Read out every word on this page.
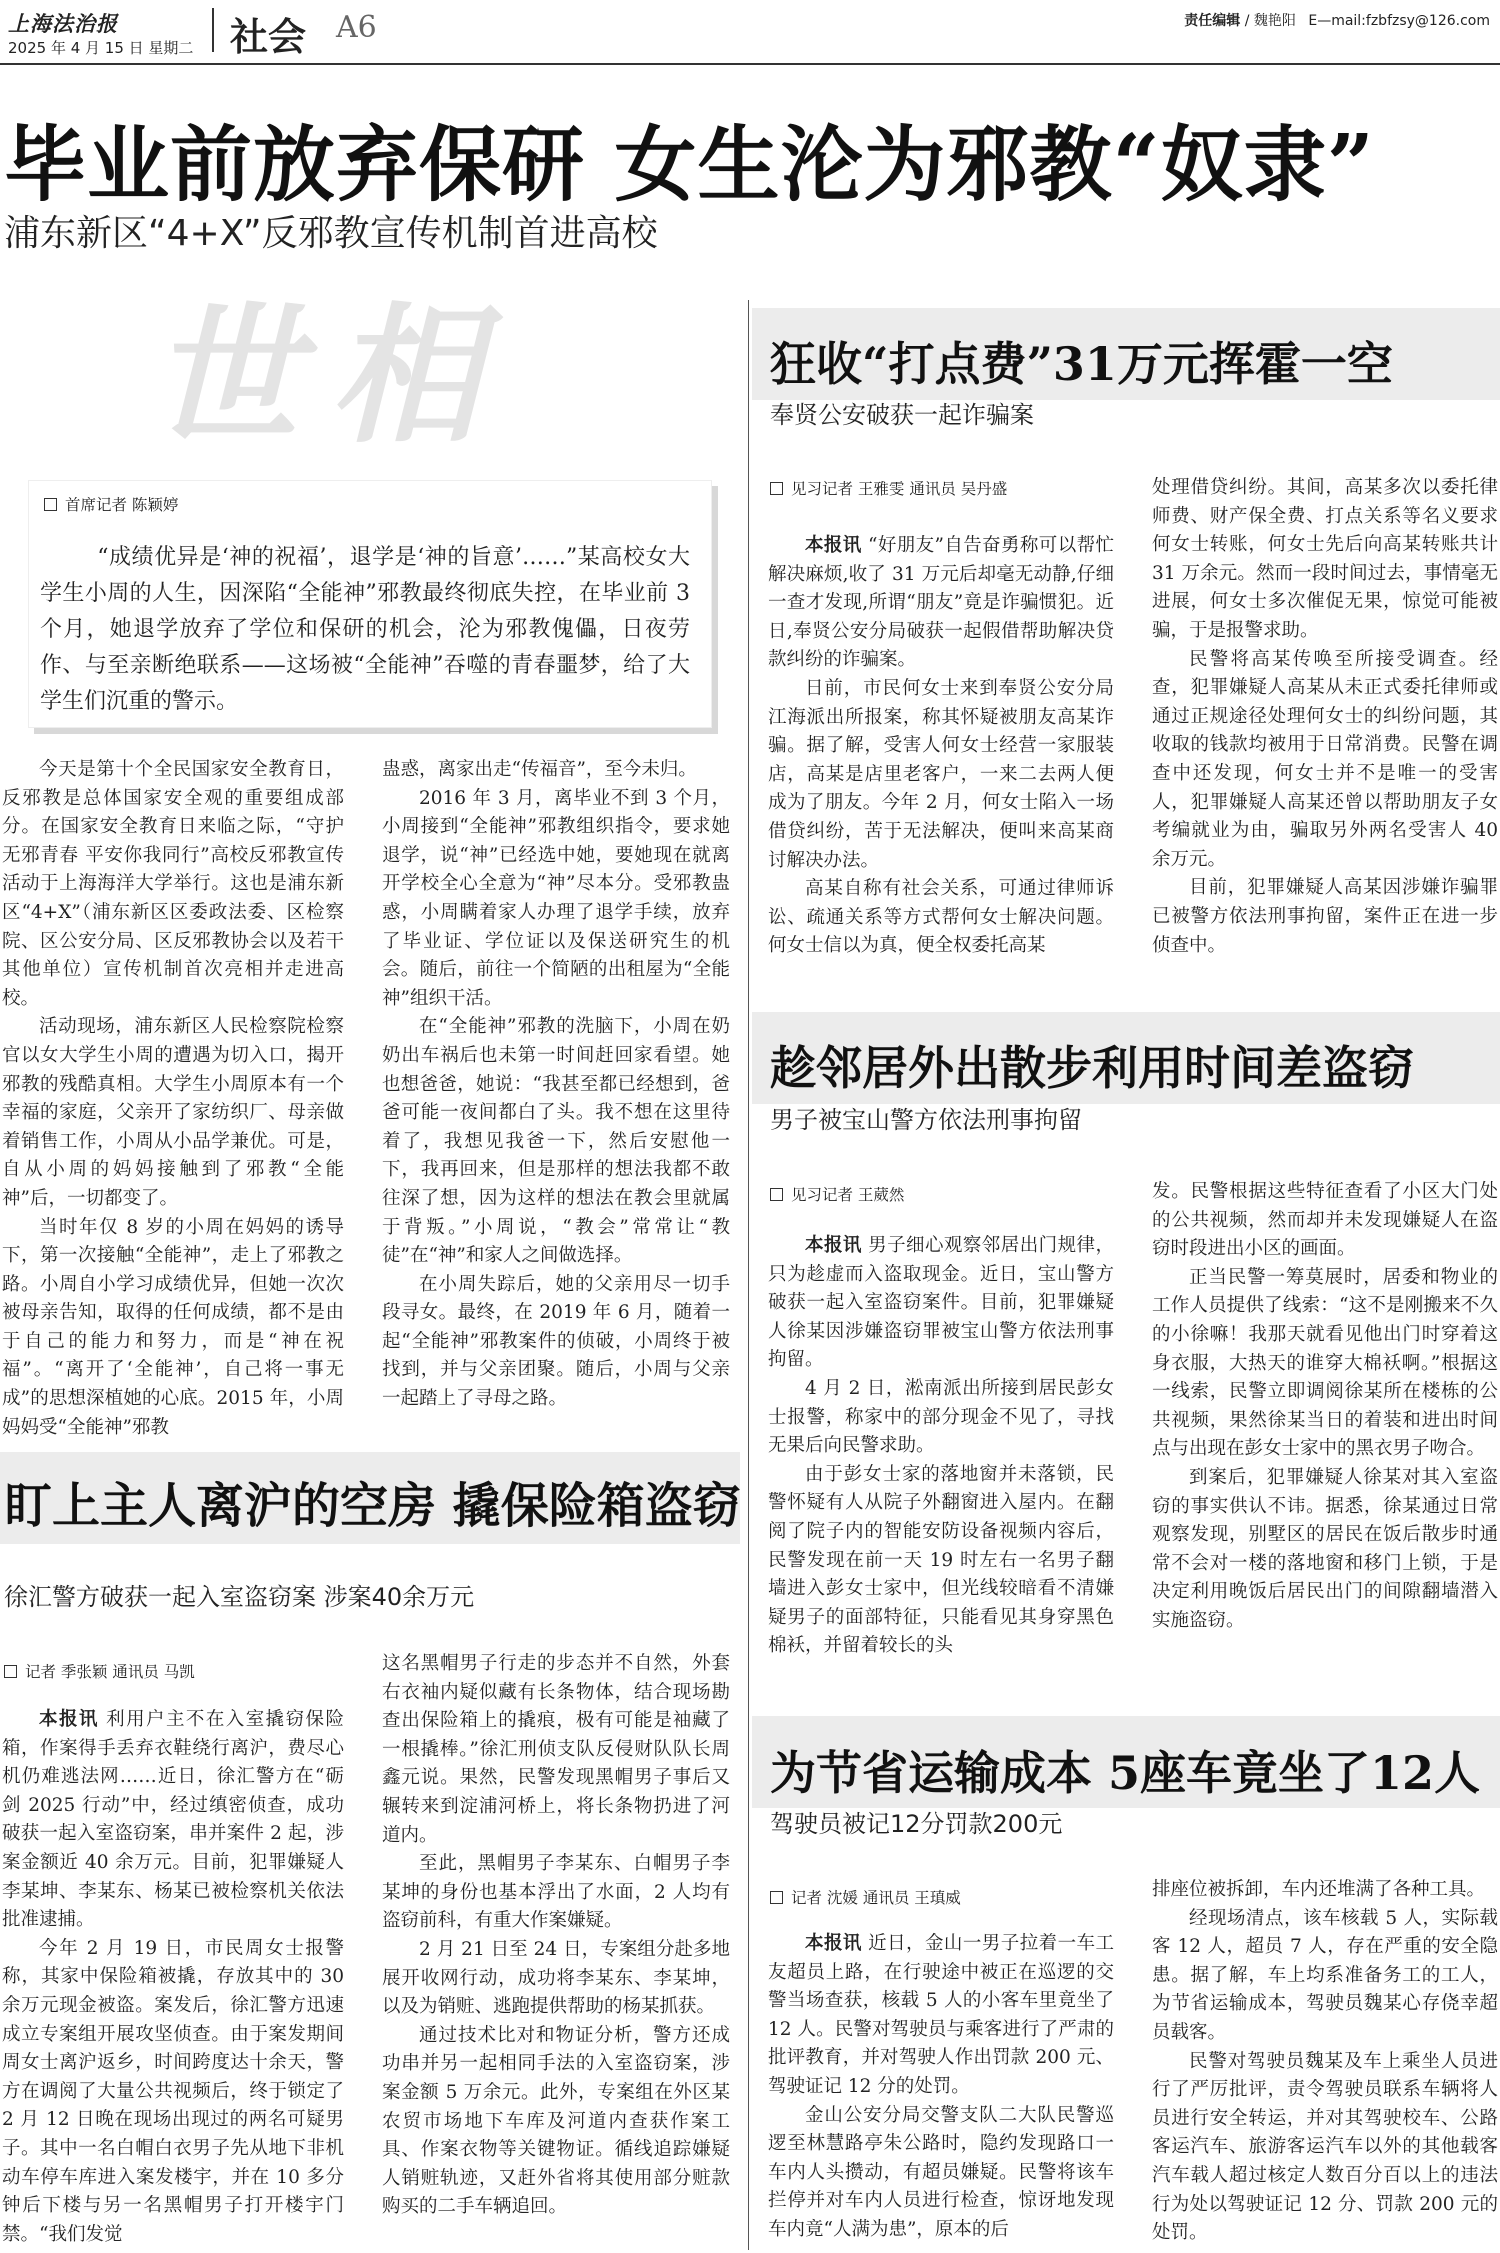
上海法治报
2025 年 4 月 15 日 星期二 社会 A6	责任编辑 / 魏艳阳 E—mail:fzbfzsy@126.com
毕业前放弃保研 女生沦为邪教“奴隶”
浦东新区“4+X”反邪教宣传机制首进高校
世相
首席记者 陈颖婷
“成绩优异是‘神的祝福’，退学是‘神的旨意’……”某高校女大学生小周的人生，因深陷“全能神”邪教最终彻底失控，在毕业前 3 个月，她退学放弃了学位和保研的机会，沦为邪教傀儡，日夜劳作、与至亲断绝联系——这场被“全能神”吞噬的青春噩梦，给了大学生们沉重的警示。

今天是第十个全民国家安全教育日，反邪教是总体国家安全观的重要组成部分。在国家安全教育日来临之际，“守护无邪青春 平安你我同行”高校反邪教宣传活动于上海海洋大学举行。这也是浦东新区“4+X”（浦东新区区委政法委、区检察院、区公安分局、区反邪教协会以及若干其他单位）宣传机制首次亮相并走进高校。

活动现场，浦东新区人民检察院检察官以女大学生小周的遭遇为切入口，揭开邪教的残酷真相。大学生小周原本有一个幸福的家庭，父亲开了家纺织厂、母亲做着销售工作，小周从小品学兼优。可是，自从小周的妈妈接触到了邪教“全能神”后，一切都变了。

当时年仅 8 岁的小周在妈妈的诱导下，第一次接触“全能神”，走上了邪教之路。小周自小学习成绩优异，但她一次次被母亲告知，取得的任何成绩，都不是由于自己的能力和努力，而是“神在祝福”。“离开了‘全能神’，自己将一事无成”的思想深植她的心底。2015 年，小周妈妈受“全能神”邪教

蛊惑，离家出走“传福音”，至今未归。

2016 年 3 月，离毕业不到 3 个月，小周接到“全能神”邪教组织指令，要求她退学，说“神”已经选中她，要她现在就离开学校全心全意为“神”尽本分。受邪教蛊惑，小周瞒着家人办理了退学手续，放弃了毕业证、学位证以及保送研究生的机会。随后，前往一个简陋的出租屋为“全能神”组织干活。

在“全能神”邪教的洗脑下，小周在奶奶出车祸后也未第一时间赶回家看望。她也想爸爸，她说：“我甚至都已经想到，爸爸可能一夜间都白了头。我不想在这里待着了，我想见我爸一下，然后安慰他一下，我再回来，但是那样的想法我都不敢往深了想，因为这样的想法在教会里就属于背叛。”小周说，“教会”常常让“教徒”在“神”和家人之间做选择。

在小周失踪后，她的父亲用尽一切手段寻女。最终，在 2019 年 6 月，随着一起“全能神”邪教案件的侦破，小周终于被找到，并与父亲团聚。随后，小周与父亲一起踏上了寻母之路。

盯上主人离沪的空房 撬保险箱盗窃
徐汇警方破获一起入室盗窃案 涉案40余万元
记者 季张颖 通讯员 马凯

本报讯 利用户主不在入室撬窃保险箱，作案得手丢弃衣鞋绕行离沪，费尽心机仍难逃法网……近日，徐汇警方在“砺剑 2025 行动”中，经过缜密侦查，成功破获一起入室盗窃案，串并案件 2 起，涉案金额近 40 余万元。目前，犯罪嫌疑人李某坤、李某东、杨某已被检察机关依法批准逮捕。

今年 2 月 19 日，市民周女士报警称，其家中保险箱被撬，存放其中的 30 余万元现金被盗。案发后，徐汇警方迅速成立专案组开展攻坚侦查。由于案发期间周女士离沪返乡，时间跨度达十余天，警方在调阅了大量公共视频后，终于锁定了 2 月 12 日晚在现场出现过的两名可疑男子。其中一名白帽白衣男子先从地下非机动车停车库进入案发楼宇，并在 10 多分钟后下楼与另一名黑帽男子打开楼宇门禁。“我们发觉

这名黑帽男子行走的步态并不自然，外套右衣袖内疑似藏有长条物体，结合现场勘查出保险箱上的撬痕，极有可能是袖藏了一根撬棒。”徐汇刑侦支队反侵财队队长周鑫元说。果然，民警发现黑帽男子事后又辗转来到淀浦河桥上，将长条物扔进了河道内。

至此，黑帽男子李某东、白帽男子李某坤的身份也基本浮出了水面，2 人均有盗窃前科，有重大作案嫌疑。

2 月 21 日至 24 日，专案组分赴多地展开收网行动，成功将李某东、李某坤，以及为销赃、逃跑提供帮助的杨某抓获。

通过技术比对和物证分析，警方还成功串并另一起相同手法的入室盗窃案，涉案金额 5 万余元。此外，专案组在外区某农贸市场地下车库及河道内查获作案工具、作案衣物等关键物证。循线追踪嫌疑人销赃轨迹，又赶外省将其使用部分赃款购买的二手车辆追回。

狂收“打点费”31万元挥霍一空
奉贤公安破获一起诈骗案
见习记者 王雅雯 通讯员 吴丹盛

本报讯 “好朋友”自告奋勇称可以帮忙解决麻烦,收了 31 万元后却毫无动静,仔细一查才发现,所谓“朋友”竟是诈骗惯犯。近日,奉贤公安分局破获一起假借帮助解决贷款纠纷的诈骗案。

日前，市民何女士来到奉贤公安分局江海派出所报案，称其怀疑被朋友高某诈骗。据了解，受害人何女士经营一家服装店，高某是店里老客户，一来二去两人便成为了朋友。今年 2 月，何女士陷入一场借贷纠纷，苦于无法解决，便叫来高某商讨解决办法。

高某自称有社会关系，可通过律师诉讼、疏通关系等方式帮何女士解决问题。何女士信以为真，便全权委托高某

处理借贷纠纷。其间，高某多次以委托律师费、财产保全费、打点关系等名义要求何女士转账，何女士先后向高某转账共计 31 万余元。然而一段时间过去，事情毫无进展，何女士多次催促无果，惊觉可能被骗，于是报警求助。

民警将高某传唤至所接受调查。经查，犯罪嫌疑人高某从未正式委托律师或通过正规途径处理何女士的纠纷问题，其收取的钱款均被用于日常消费。民警在调查中还发现，何女士并不是唯一的受害人，犯罪嫌疑人高某还曾以帮助朋友子女考编就业为由，骗取另外两名受害人 40 余万元。

目前，犯罪嫌疑人高某因涉嫌诈骗罪已被警方依法刑事拘留，案件正在进一步侦查中。

趁邻居外出散步利用时间差盗窃
男子被宝山警方依法刑事拘留
见习记者 王葳然

本报讯 男子细心观察邻居出门规律，只为趁虚而入盗取现金。近日，宝山警方破获一起入室盗窃案件。目前，犯罪嫌疑人徐某因涉嫌盗窃罪被宝山警方依法刑事拘留。

4 月 2 日，淞南派出所接到居民彭女士报警，称家中的部分现金不见了，寻找无果后向民警求助。

由于彭女士家的落地窗并未落锁，民警怀疑有人从院子外翻窗进入屋内。在翻阅了院子内的智能安防设备视频内容后，民警发现在前一天 19 时左右一名男子翻墙进入彭女士家中，但光线较暗看不清嫌疑男子的面部特征，只能看见其身穿黑色棉袄，并留着较长的头

发。民警根据这些特征查看了小区大门处的公共视频，然而却并未发现嫌疑人在盗窃时段进出小区的画面。

正当民警一筹莫展时，居委和物业的工作人员提供了线索：“这不是刚搬来不久的小徐嘛！我那天就看见他出门时穿着这身衣服，大热天的谁穿大棉袄啊。”根据这一线索，民警立即调阅徐某所在楼栋的公共视频，果然徐某当日的着装和进出时间点与出现在彭女士家中的黑衣男子吻合。

到案后，犯罪嫌疑人徐某对其入室盗窃的事实供认不讳。据悉，徐某通过日常观察发现，别墅区的居民在饭后散步时通常不会对一楼的落地窗和移门上锁，于是决定利用晚饭后居民出门的间隙翻墙潜入实施盗窃。

为节省运输成本 5座车竟坐了12人
驾驶员被记12分罚款200元
记者 沈媛 通讯员 王瑱威

本报讯 近日，金山一男子拉着一车工友超员上路，在行驶途中被正在巡逻的交警当场查获，核载 5 人的小客车里竟坐了 12 人。民警对驾驶员与乘客进行了严肃的批评教育，并对驾驶人作出罚款 200 元、驾驶证记 12 分的处罚。

金山公安分局交警支队二大队民警巡逻至林慧路亭朱公路时，隐约发现路口一车内人头攒动，有超员嫌疑。民警将该车拦停并对车内人员进行检查，惊讶地发现车内竟“人满为患”，原本的后

排座位被拆卸，车内还堆满了各种工具。

经现场清点，该车核载 5 人，实际载客 12 人，超员 7 人，存在严重的安全隐患。据了解，车上均系准备务工的工人，为节省运输成本，驾驶员魏某心存侥幸超员载客。

民警对驾驶员魏某及车上乘坐人员进行了严厉批评，责令驾驶员联系车辆将人员进行安全转运，并对其驾驶校车、公路客运汽车、旅游客运汽车以外的其他载客汽车载人超过核定人数百分百以上的违法行为处以驾驶证记 12 分、罚款 200 元的处罚。
